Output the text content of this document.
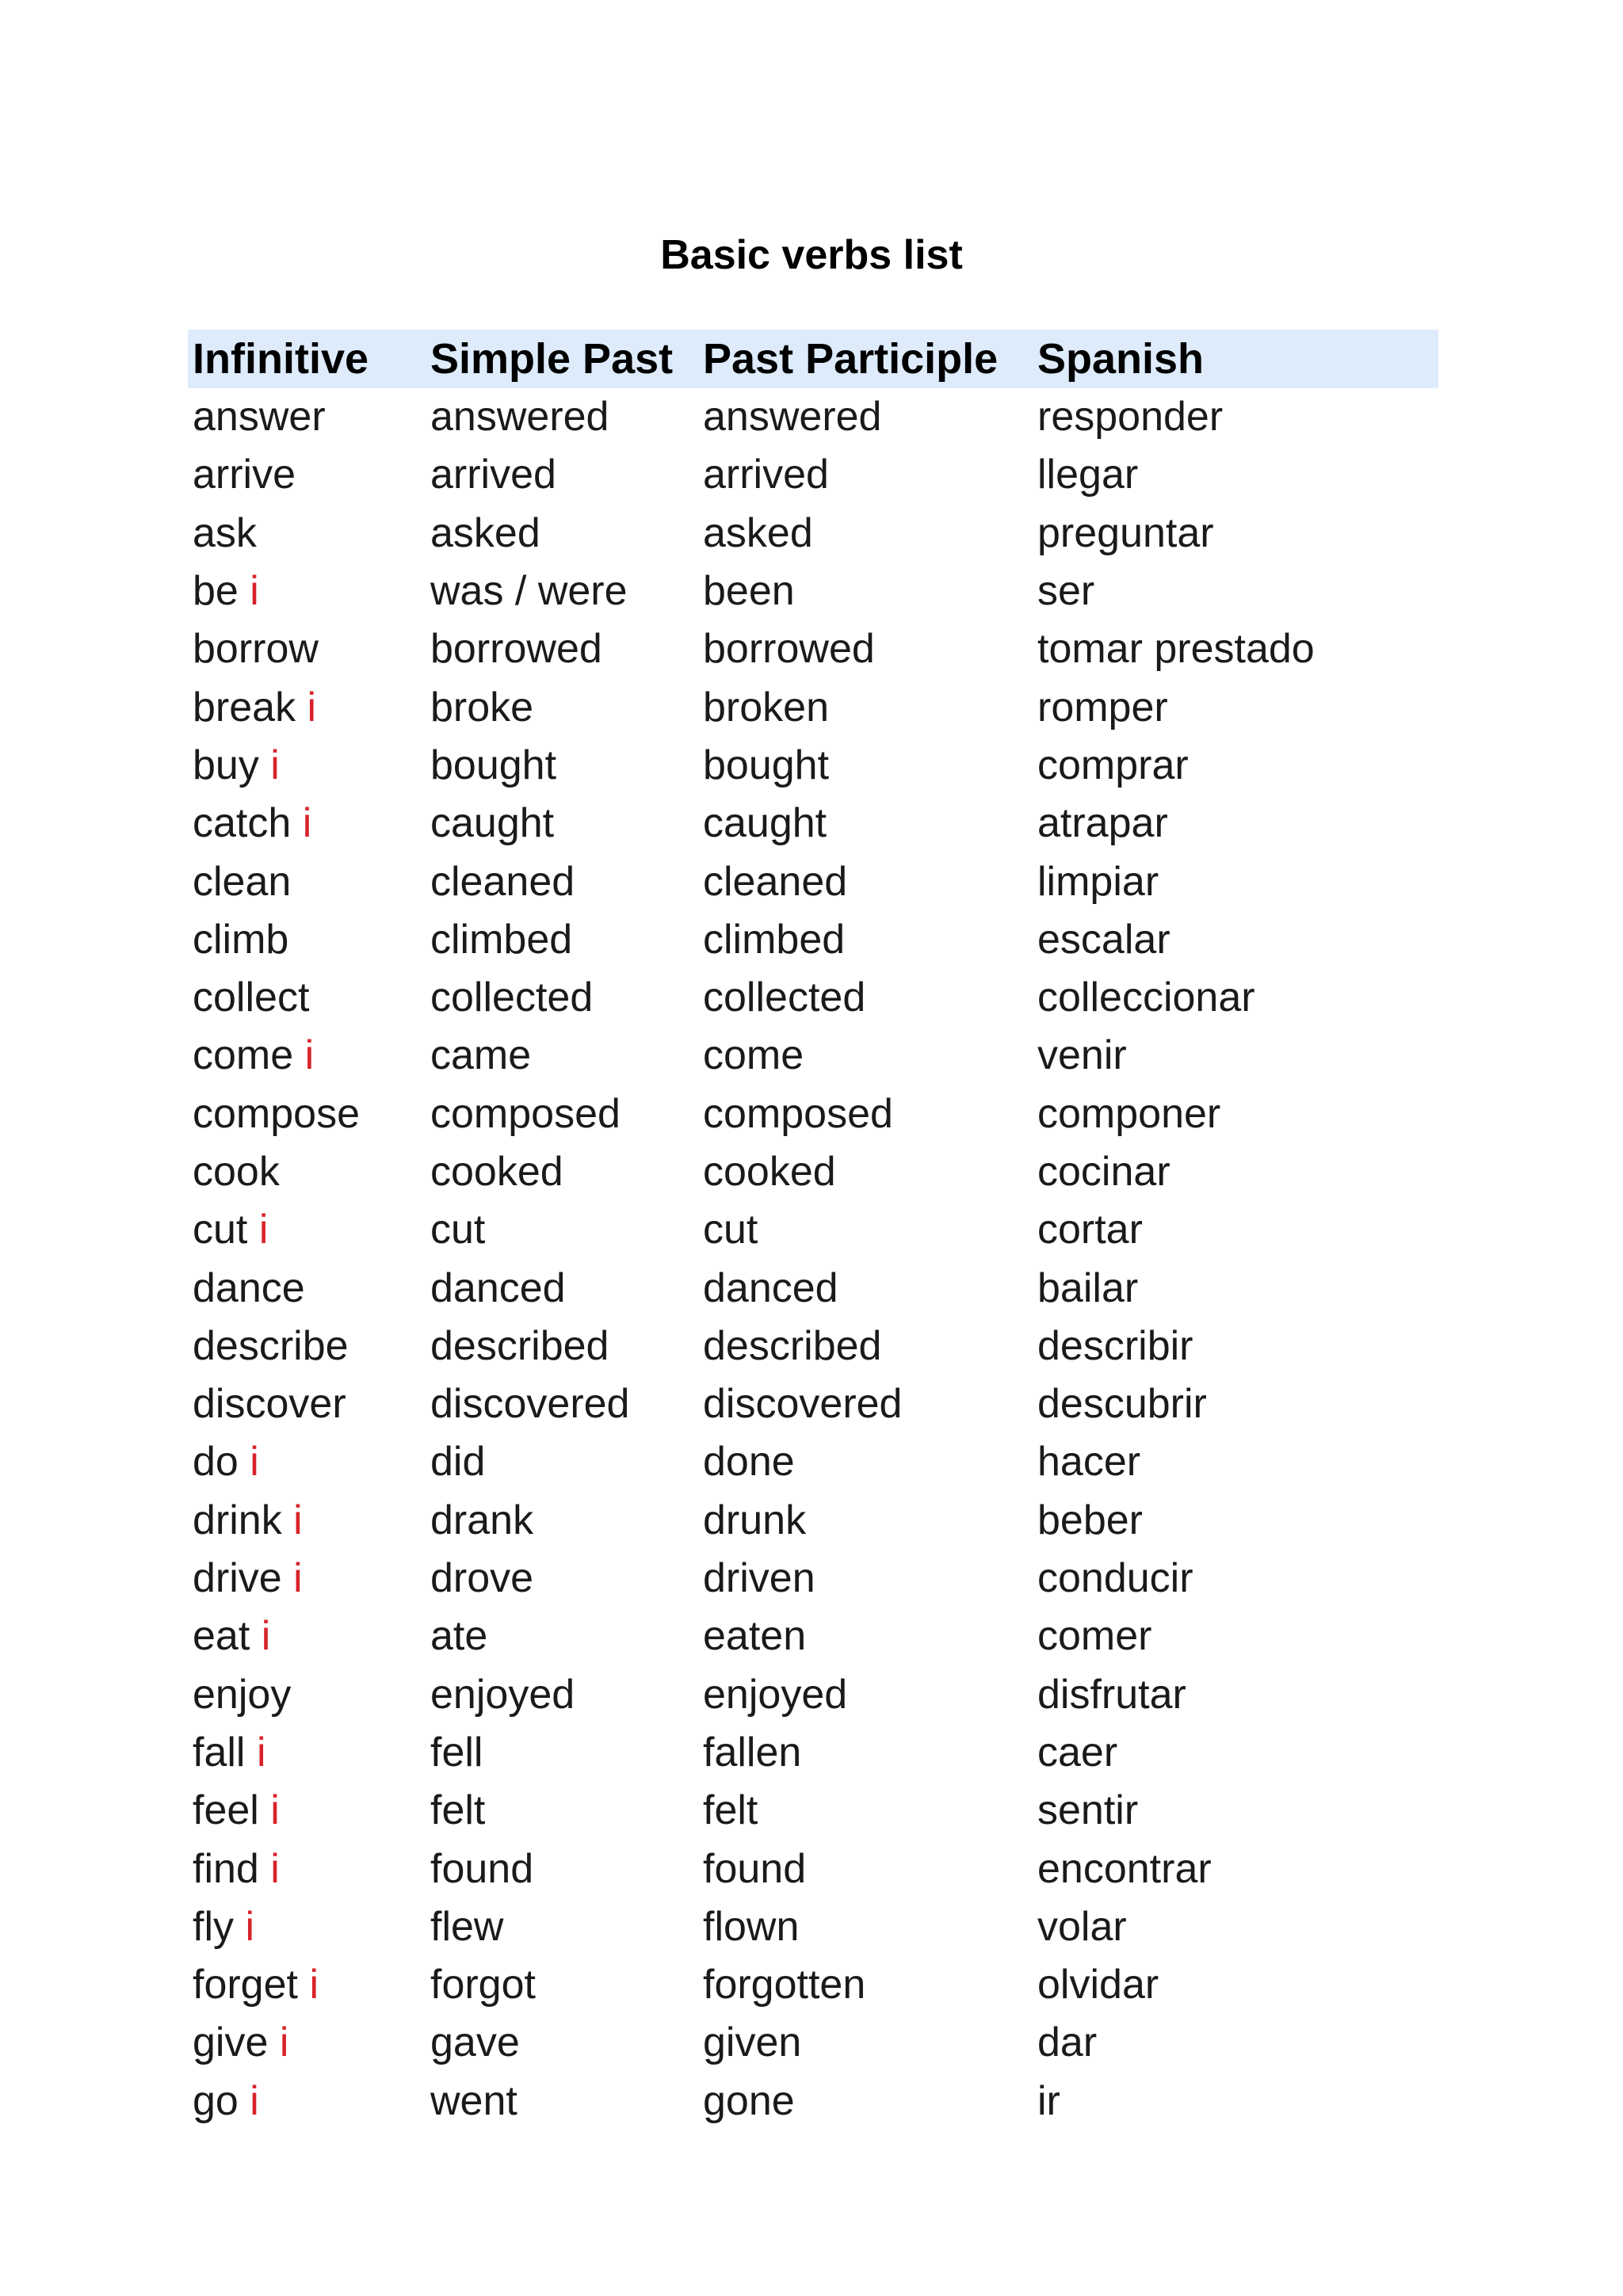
Basic verbs list
Infinitive	Simple Past	Past Participle	Spanish
answer	answered	answered	responder
arrive	arrived	arrived	llegar
ask	asked	asked	preguntar
be i	was / were	been	ser
borrow	borrowed	borrowed	tomar prestado
break i	broke	broken	romper
buy i	bought	bought	comprar
catch i	caught	caught	atrapar
clean	cleaned	cleaned	limpiar
climb	climbed	climbed	escalar
collect	collected	collected	colleccionar
come i	came	come	venir
compose	composed	composed	componer
cook	cooked	cooked	cocinar
cut i	cut	cut	cortar
dance	danced	danced	bailar
describe	described	described	describir
discover	discovered	discovered	descubrir
do i	did	done	hacer
drink i	drank	drunk	beber
drive i	drove	driven	conducir
eat i	ate	eaten	comer
enjoy	enjoyed	enjoyed	disfrutar
fall i	fell	fallen	caer
feel i	felt	felt	sentir
find i	found	found	encontrar
fly i	flew	flown	volar
forget i	forgot	forgotten	olvidar
give i	gave	given	dar
go i	went	gone	ir
